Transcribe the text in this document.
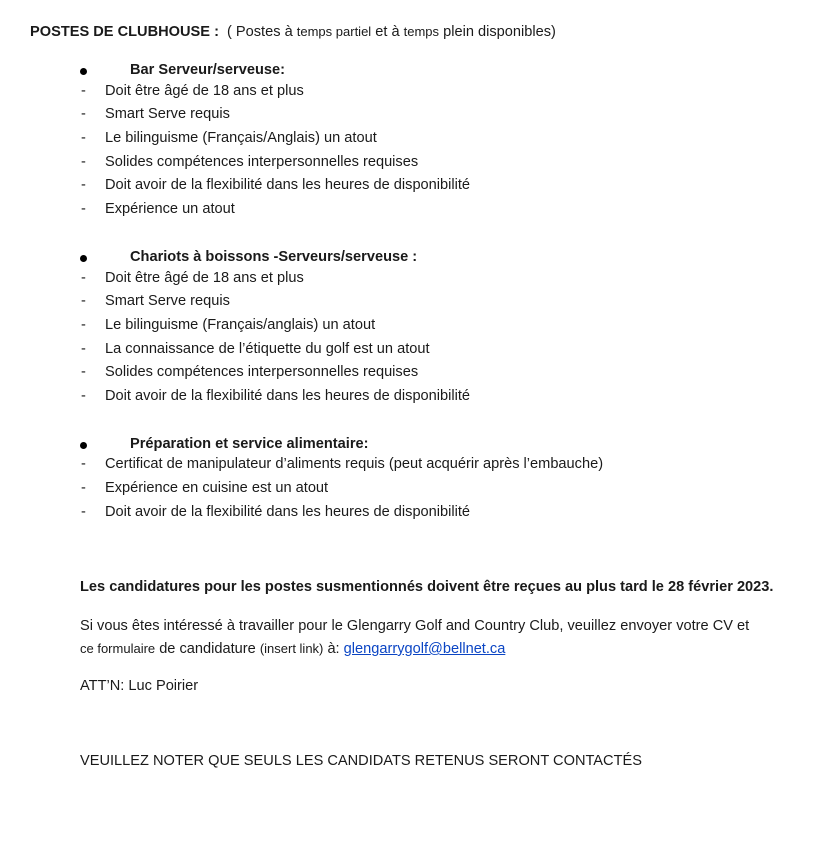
POSTES DE CLUBHOUSE : ( Postes à temps partiel et à temps plein disponibles)
Bar Serveur/serveuse:
- Doit être âgé de 18 ans et plus
- Smart Serve requis
- Le bilinguisme (Français/Anglais) un atout
- Solides compétences interpersonnelles requises
- Doit avoir de la flexibilité dans les heures de disponibilité
- Expérience un atout
Chariots à boissons -Serveurs/serveuse :
- Doit être âgé de 18 ans et plus
- Smart Serve requis
- Le bilinguisme (Français/anglais) un atout
- La connaissance de l’étiquette du golf est un atout
- Solides compétences interpersonnelles requises
- Doit avoir de la flexibilité dans les heures de disponibilité
Préparation et service alimentaire:
- Certificat de manipulateur d’aliments requis (peut acquérir après l’embauche)
- Expérience en cuisine est un atout
- Doit avoir de la flexibilité dans les heures de disponibilité
Les candidatures pour les postes susmentionnés doivent être reçues au plus tard le 28 février 2023.
Si vous êtes intéressé à travailler pour le Glengarry Golf and Country Club, veuillez envoyer votre CV et
ce formulaire de candidature (insert link) à: glengarrygolf@bellnet.ca
ATT’N: Luc Poirier
VEUILLEZ NOTER QUE SEULS LES CANDIDATS RETENUS SERONT CONTACTÉS
